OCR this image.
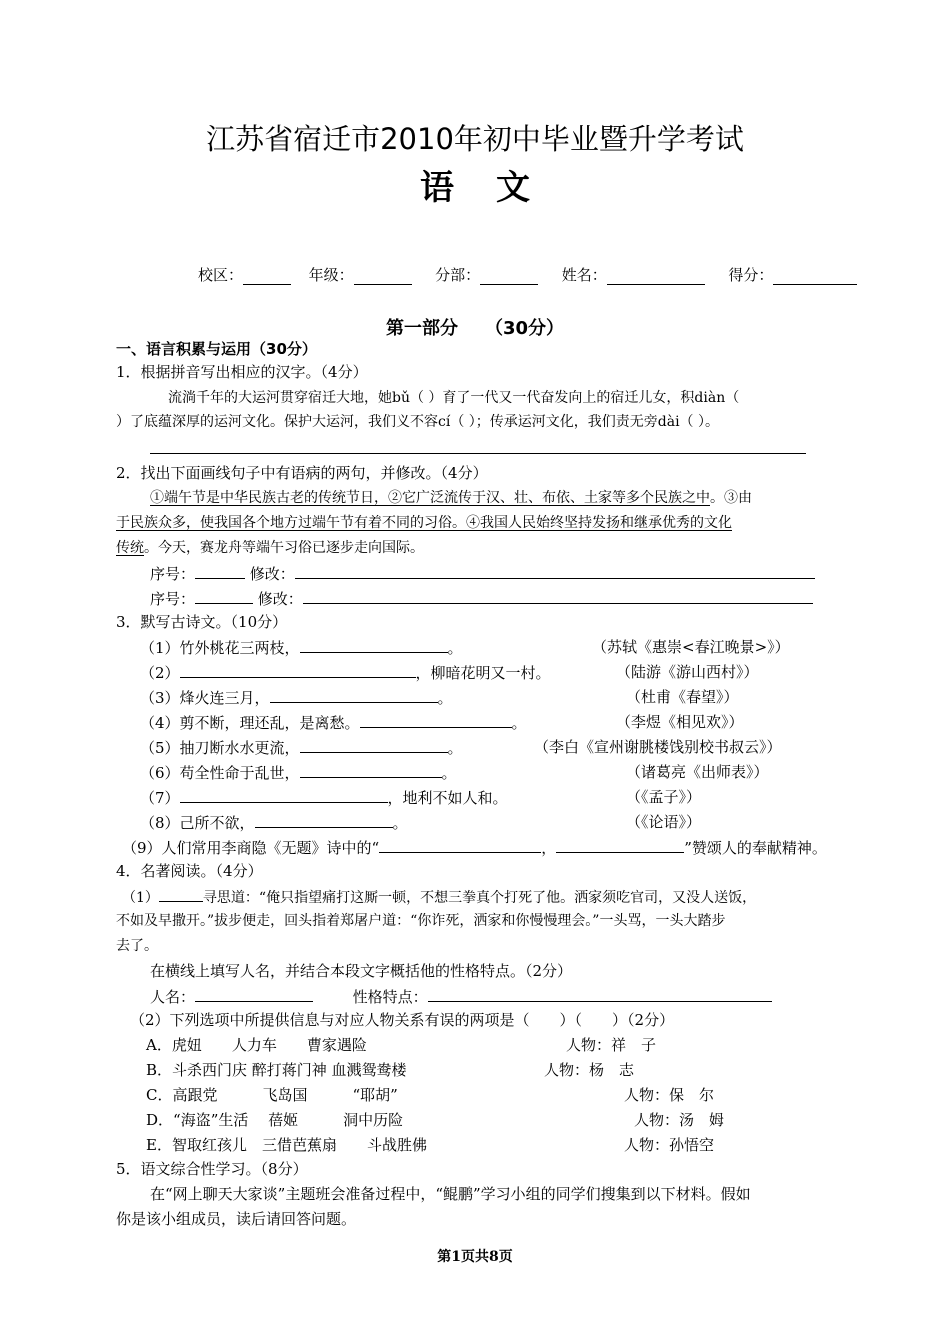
江苏省宿迁市2010年初中毕业暨升学考试
语文
校区：	年级：	分部：	姓名：	得分：
第一部分　　（30分）
一、语言积累与运用（30分）
1．根据拼音写出相应的汉字。（4分）
流淌千年的大运河贯穿宿迁大地，她bǔ（ ）育了一代又一代奋发向上的宿迁儿女，积diàn（
）了底蕴深厚的运河文化。保护大运河，我们义不容cí（ ）；传承运河文化，我们责无旁dài（ ）。
2．找出下面画线句子中有语病的两句，并修改。（4分）
①端午节是中华民族古老的传统节日，②它广泛流传于汉、壮、布依、土家等多个民族之中。③由
于民族众多，使我国各个地方过端午节有着不同的习俗。④我国人民始终坚持发扬和继承优秀的文化
传统。今天，赛龙舟等端午习俗已逐步走向国际。
序号：	修改：
序号：	修改：
3．默写古诗文。（10分）
（1）竹外桃花三两枝，	。	（苏轼《惠崇<春江晚景>》）
（2）	，柳暗花明又一村。	（陆游《游山西村》）
（3）烽火连三月，	。	（杜甫《春望》）
（4）剪不断，理还乱，是离愁。	。	（李煜《相见欢》）
（5）抽刀断水水更流，	。	（李白《宣州谢朓楼饯别校书叔云》）
（6）苟全性命于乱世，	。	（诸葛亮《出师表》）
（7）	，地利不如人和。	（《孟子》）
（8）己所不欲，	。	（《论语》）
（9）人们常用李商隐《无题》诗中的“	，	”赞颂人的奉献精神。
4．名著阅读。（4分）
（1）	寻思道：“俺只指望痛打这厮一顿，不想三拳真个打死了他。洒家须吃官司，又没人送饭，
不如及早撒开。”拔步便走，回头指着郑屠户道：“你诈死，洒家和你慢慢理会。”一头骂，一头大踏步
去了。
在横线上填写人名，并结合本段文字概括他的性格特点。（2分）
人名：	性格特点：
（2）下列选项中所提供信息与对应人物关系有误的两项是（　　）（　　）（2分）
A．虎妞　　人力车　　曹家遇险	人物：祥　子
B．斗杀西门庆 醉打蒋门神 血溅鸳鸯楼	人物：杨　志
C．高跟党　　　飞岛国　　　“耶胡”	人物：保　尔
D．“海盗”生活　 蓓姬　　　洞中历险	人物：汤　姆
E．智取红孩儿　三借芭蕉扇　　斗战胜佛	人物：孙悟空
5．语文综合性学习。（8分）
在“网上聊天大家谈”主题班会准备过程中，“鲲鹏”学习小组的同学们搜集到以下材料。假如
你是该小组成员，读后请回答问题。
第1页共8页
